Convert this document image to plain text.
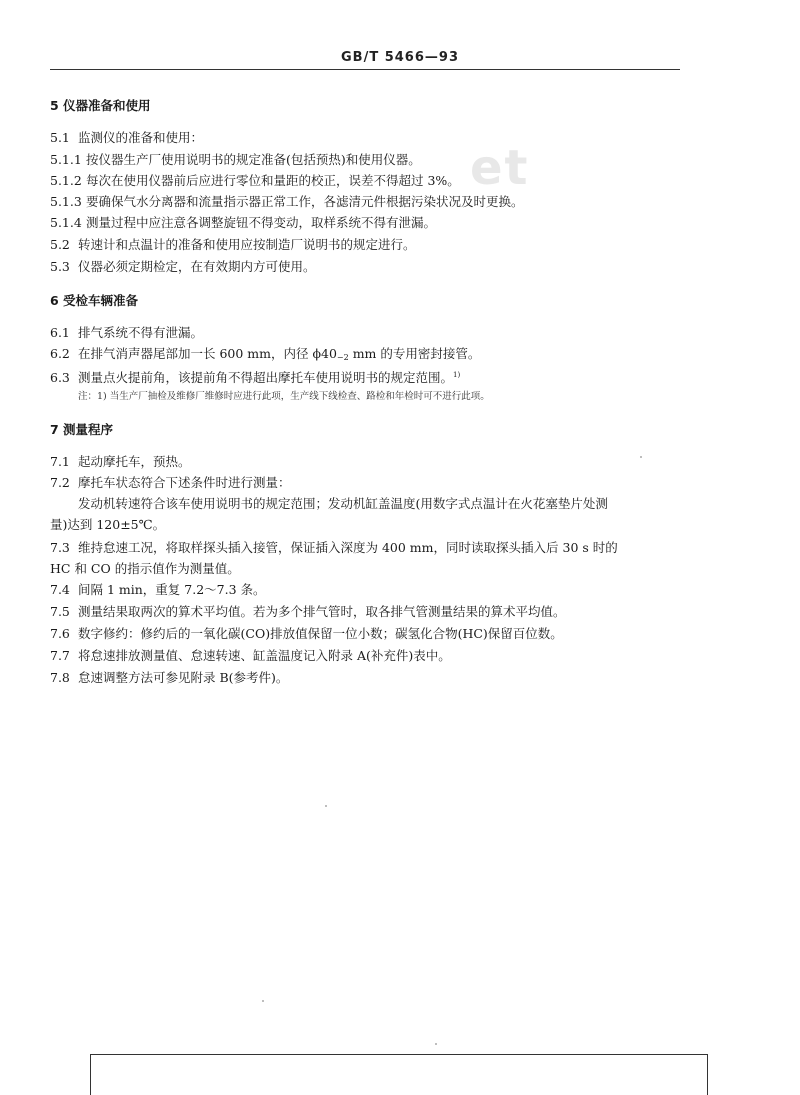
GB/T 5466—93
et
5 仪器准备和使用
5.1 监测仪的准备和使用：
5.1.1 按仪器生产厂使用说明书的规定准备(包括预热)和使用仪器。
5.1.2 每次在使用仪器前后应进行零位和量距的校正，误差不得超过 3%。
5.1.3 要确保气水分离器和流量指示器正常工作，各滤清元件根据污染状况及时更换。
5.1.4 测量过程中应注意各调整旋钮不得变动，取样系统不得有泄漏。
5.2 转速计和点温计的准备和使用应按制造厂说明书的规定进行。
5.3 仪器必须定期检定，在有效期内方可使用。
6 受检车辆准备
6.1 排气系统不得有泄漏。
6.2 在排气消声器尾部加一长 600 mm，内径 $\phi 40_{-2}$ mm 的专用密封接管。
6.3 测量点火提前角，该提前角不得超出摩托车使用说明书的规定范围。$^{1)}$
注：1) 当生产厂抽检及维修厂维修时应进行此项，生产线下线检查、路检和年检时可不进行此项。
7 测量程序
7.1 起动摩托车，预热。
7.2 摩托车状态符合下述条件时进行测量：
发动机转速符合该车使用说明书的规定范围；发动机缸盖温度(用数字式点温计在火花塞垫片处测
量)达到 120±5℃。
7.3 维持怠速工况，将取样探头插入接管，保证插入深度为 400 mm，同时读取探头插入后 30 s 时的
HC 和 CO 的指示值作为测量值。
7.4 间隔 1 min，重复 7.2～7.3 条。
7.5 测量结果取两次的算术平均值。若为多个排气管时，取各排气管测量结果的算术平均值。
7.6 数字修约：修约后的一氧化碳(CO)排放值保留一位小数；碳氢化合物(HC)保留百位数。
7.7 将怠速排放测量值、怠速转速、缸盖温度记入附录 A(补充件)表中。
7.8 怠速调整方法可参见附录 B(参考件)。
